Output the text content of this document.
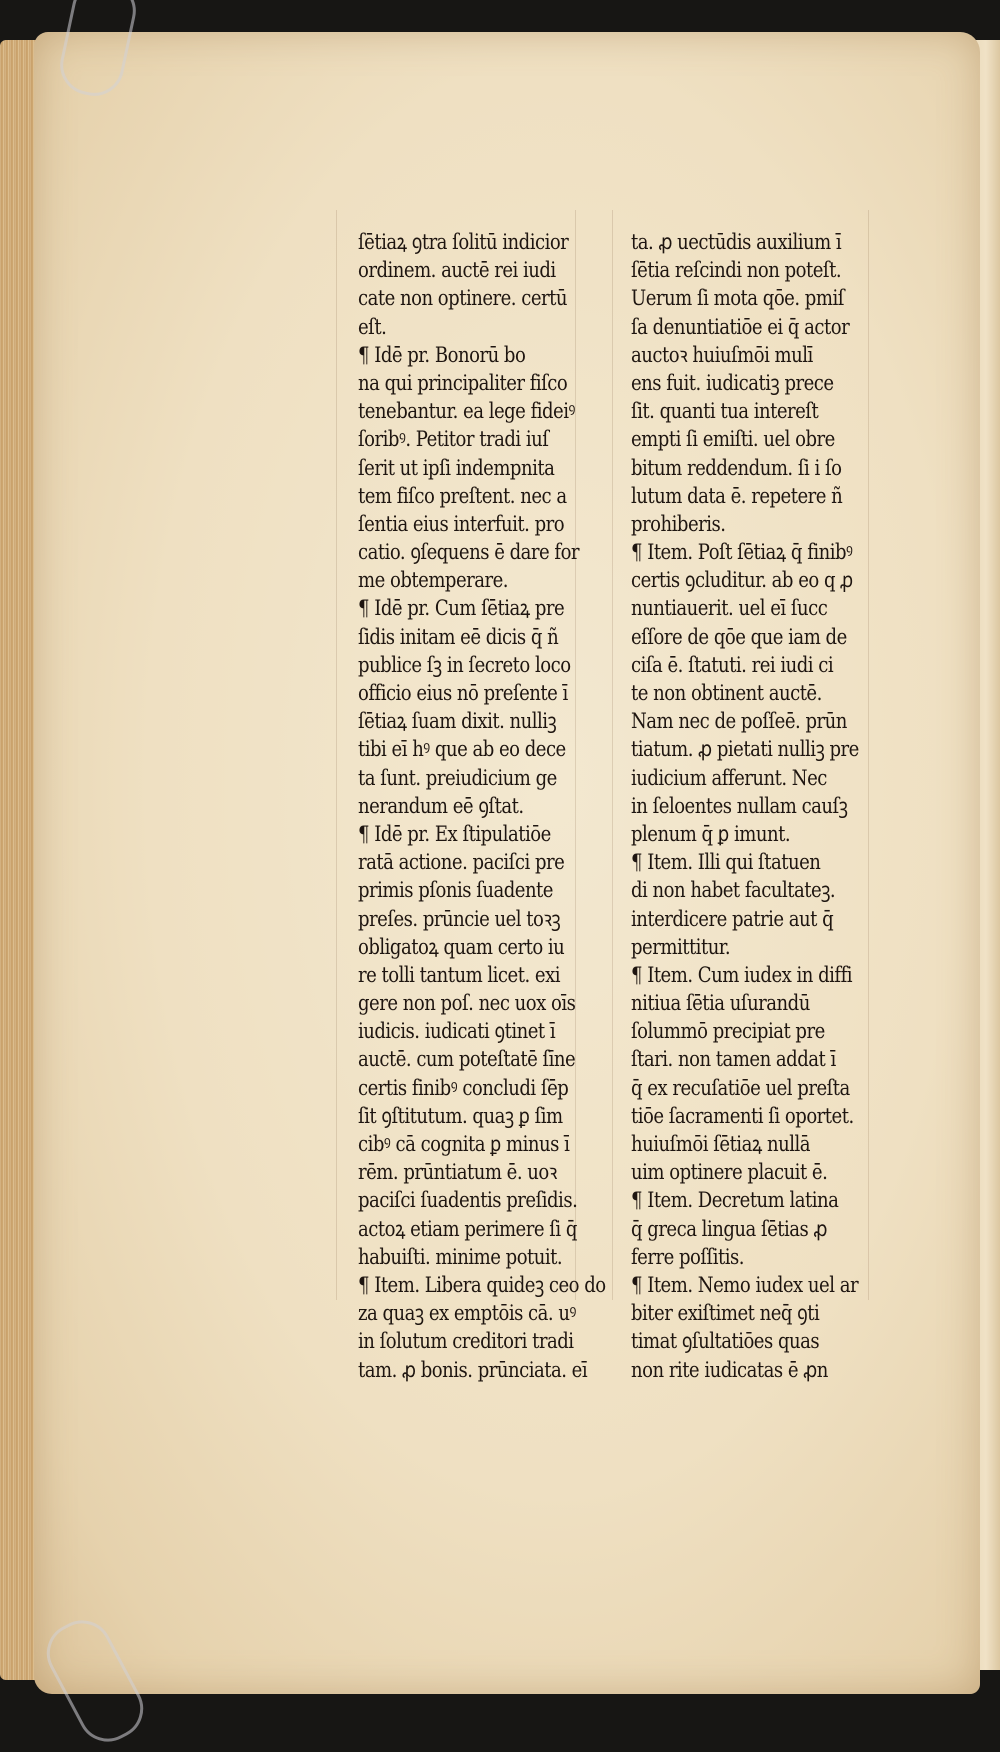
ſētiaꝝ ꝯtra ſolitū indicior
ordinem. auctē rei iudi
cate non optinere. certū
eſt.
¶ Idē pr. Bonorū bo
na qui principaliter fiſco
tenebantur. ea lege fideiꝰ
ſoribꝰ. Petitor tradi iuſ
ſerit ut ipſi indempnita
tem fiſco preſtent. nec a
ſentia eius interfuit. pro
catio. ꝯſequens ē dare for
me obtemperare.
¶ Idē pr. Cum ſētiaꝝ pre
ſidis initam eē dicis q̄ ñ
publice ſꝫ in ſecreto loco
officio eius nō preſente ī
ſētiaꝝ ſuam dixit. nulliꝫ
tibi eī hꝰ que ab eo dece
ta ſunt. preiudicium ge
nerandum eē ꝯſtat.
¶ Idē pr. Ex ſtipulatiōe
ratā actione. paciſci pre
primis pſonis ſuadente
preſes. prūncie uel toꝛꝫ
obligatoꝝ quam certo iu
re tolli tantum licet. exi
gere non poſ. nec uox oīs
iudicis. iudicati ꝯtinet ī
auctē. cum poteſtatē ſīne
certis finibꝰ concludi ſēp
ſit ꝯſtitutum. quaꝫ ꝑ ſim
cibꝰ cā cognita ꝑ minus ī
rēm. prūntiatum ē. uoꝛ
paciſci ſuadentis preſidis.
actoꝝ etiam perimere ſi q̄
habuiſti. minime potuit.
¶ Item. Libera quideꝫ ceo do
za quaꝫ ex emptōis cā. uꝰ
in ſolutum creditori tradi
tam. ꝓ bonis. prūnciata. eī
ta. ꝓ uectūdis auxilium ī
ſētia reſcindi non poteſt.
Uerum ſi mota qōe. pmiſ
ſa denuntiatiōe ei q̄ actor
auctoꝛ huiuſmōi mulī
ens fuit. iudicatiꝫ prece
ſit. quanti tua intereſt
empti ſi emiſti. uel obre
bitum reddendum. ſi i ſo
lutum data ē. repetere ñ
prohiberis.
¶ Item. Poſt ſētiaꝝ q̄ finibꝰ
certis ꝯcluditur. ab eo q ꝓ
nuntiauerit. uel eī ſucc
eſſore de qōe que iam de
ciſa ē. ſtatuti. rei iudi ci
te non obtinent auctē.
Nam nec de poſſeē. prūn
tiatum. ꝓ pietati nulliꝫ pre
iudicium afferunt. Nec
in ſeloentes nullam cauſꝫ
plenum q̄ ꝑ imunt.
¶ Item. Illi qui ſtatuen
di non habet facultateꝫ.
interdicere patrie aut q̄
permittitur.
¶ Item. Cum iudex in diffi
nitiua ſētia uſurandū
ſolummō precipiat pre
ſtari. non tamen addat ī
q̄ ex recuſatiōe uel preſta
tiōe ſacramenti ſi oportet.
huiuſmōi ſētiaꝝ nullā
uim optinere placuit ē.
¶ Item. Decretum latina
q̄ greca lingua ſētias ꝓ
ferre poſſitis.
¶ Item. Nemo iudex uel ar
biter exiſtimet neq̄ ꝯti
timat ꝯſultatiōes quas
non rite iudicatas ē ꝓn
